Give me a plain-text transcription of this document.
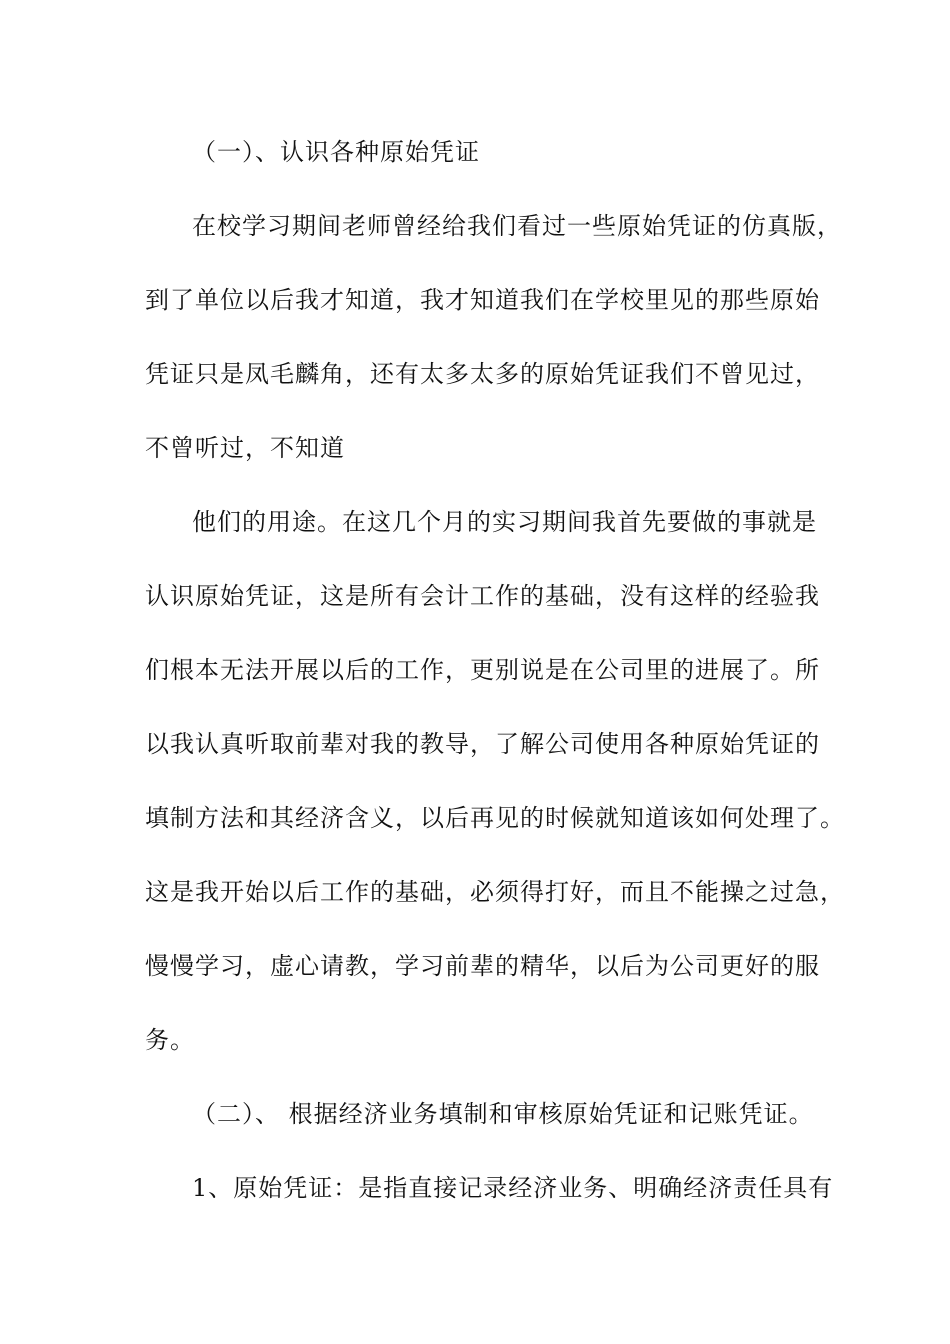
（一）、认识各种原始凭证
在校学习期间老师曾经给我们看过一些原始凭证的仿真版，
到了单位以后我才知道，我才知道我们在学校里见的那些原始
凭证只是凤毛麟角，还有太多太多的原始凭证我们不曾见过，
不曾听过，不知道
他们的用途。在这几个月的实习期间我首先要做的事就是
认识原始凭证，这是所有会计工作的基础，没有这样的经验我
们根本无法开展以后的工作，更别说是在公司里的进展了。所
以我认真听取前辈对我的教导，了解公司使用各种原始凭证的
填制方法和其经济含义，以后再见的时候就知道该如何处理了。
这是我开始以后工作的基础，必须得打好，而且不能操之过急，
慢慢学习，虚心请教，学习前辈的精华，以后为公司更好的服
务。
（二）、 根据经济业务填制和审核原始凭证和记账凭证。
1、原始凭证：是指直接记录经济业务、明确经济责任具有
